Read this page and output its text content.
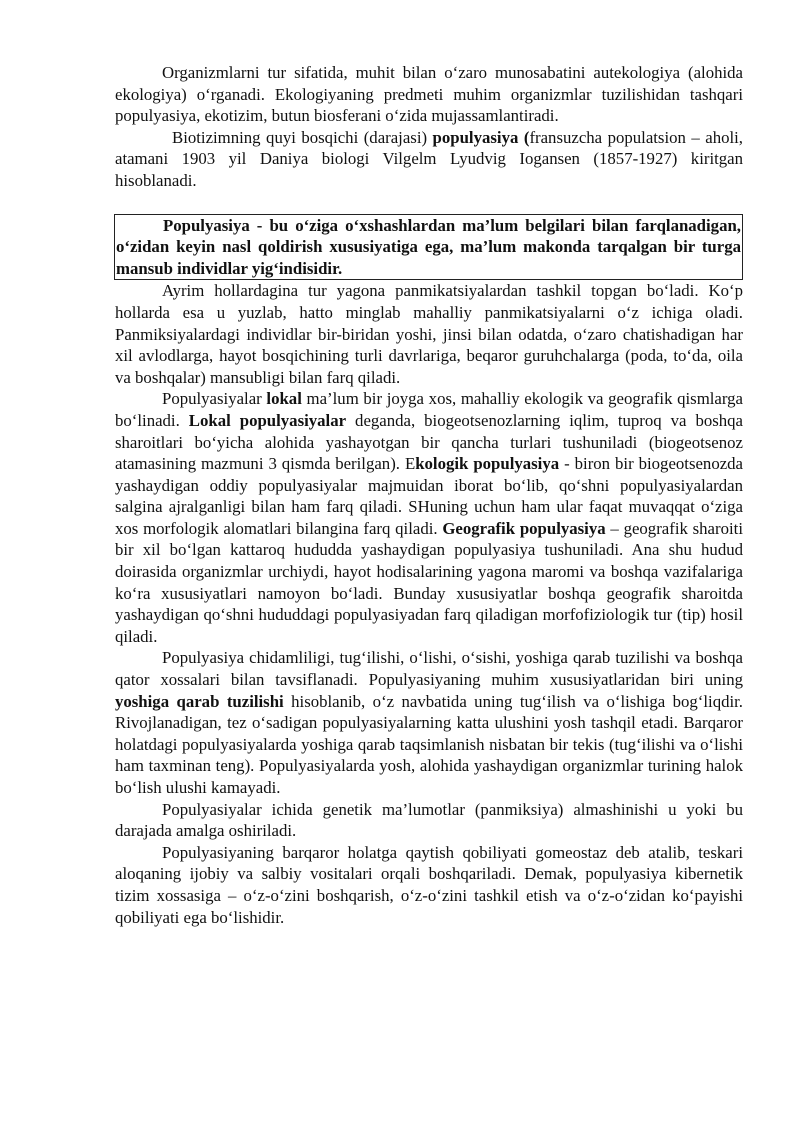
Organizmlarni tur sifatida, muhit bilan o‘zaro munosabatini autekologiya (alohida ekologiya) o‘rganadi. Ekologiyaning predmeti muhim organizmlar tuzilishidan tashqari populyasiya, ekotizim, butun biosferani o‘zida mujassamlantiradi.

Biotizimning quyi bosqichi (darajasi) populyasiya (fransuzcha populatsion – aholi, atamani 1903 yil Daniya biologi Vilgelm Lyudvig Iogansen (1857-1927) kiritgan hisoblanadi.

Populyasiya - bu o‘ziga o‘xshashlardan ma’lum belgilari bilan farqlanadigan, o‘zidan keyin nasl qoldirish xususiyatiga ega, ma’lum makonda tarqalgan bir turga mansub individlar yig‘indisidir.

Ayrim hollardagina tur yagona panmikatsiyalardan tashkil topgan bo‘ladi. Ko‘p hollarda esa u yuzlab, hatto minglab mahalliy panmikatsiyalarni o‘z ichiga oladi. Panmiksiyalardagi individlar bir-biridan yoshi, jinsi bilan odatda, o‘zaro chatishadigan har xil avlodlarga, hayot bosqichining turli davrlariga, beqaror guruhchalarga (poda, to‘da, oila va boshqalar) mansubligi bilan farq qiladi.

Populyasiyalar lokal ma’lum bir joyga xos, mahalliy ekologik va geografik qismlarga bo‘linadi. Lokal populyasiyalar deganda, biogeotsenozlarning iqlim, tuproq va boshqa sharoitlari bo‘yicha alohida yashayotgan bir qancha turlari tushuniladi (biogeotsenoz atamasining mazmuni 3 qismda berilgan). Ekologik populyasiya - biron bir biogeotsenozda yashaydigan oddiy populyasiyalar majmuidan iborat bo‘lib, qo‘shni populyasiyalardan salgina ajralganligi bilan ham farq qiladi. SHuning uchun ham ular faqat muvaqqat o‘ziga xos morfologik alomatlari bilangina farq qiladi. Geografik populyasiya – geografik sharoiti bir xil bo‘lgan kattaroq hududda yashaydigan populyasiya tushuniladi. Ana shu hudud doirasida organizmlar urchiydi, hayot hodisalarining yagona maromi va boshqa vazifalariga ko‘ra xususiyatlari namoyon bo‘ladi. Bunday xususiyatlar boshqa geografik sharoitda yashaydigan qo‘shni hududdagi populyasiyadan farq qiladigan morfofiziologik tur (tip) hosil qiladi.

Populyasiya chidamliligi, tug‘ilishi, o‘lishi, o‘sishi, yoshiga qarab tuzilishi va boshqa qator xossalari bilan tavsiflanadi. Populyasiyaning muhim xususiyatlaridan biri uning yoshiga qarab tuzilishi hisoblanib, o‘z navbatida uning tug‘ilish va o‘lishiga bog‘liqdir. Rivojlanadigan, tez o‘sadigan populyasiyalarning katta ulushini yosh tashqil etadi. Barqaror holatdagi populyasiyalarda yoshiga qarab taqsimlanish nisbatan bir tekis (tug‘ilishi va o‘lishi ham taxminan teng). Populyasiyalarda yosh, alohida yashaydigan organizmlar turining halok bo‘lish ulushi kamayadi.

Populyasiyalar ichida genetik ma’lumotlar (panmiksiya) almashinishi u yoki bu darajada amalga oshiriladi.

Populyasiyaning barqaror holatga qaytish qobiliyati gomeostaz deb atalib, teskari aloqaning ijobiy va salbiy vositalari orqali boshqariladi. Demak, populyasiya kibernetik tizim xossasiga – o‘z-o‘zini boshqarish, o‘z-o‘zini tashkil etish va o‘z-o‘zidan ko‘payishi qobiliyati ega bo‘lishidir.
